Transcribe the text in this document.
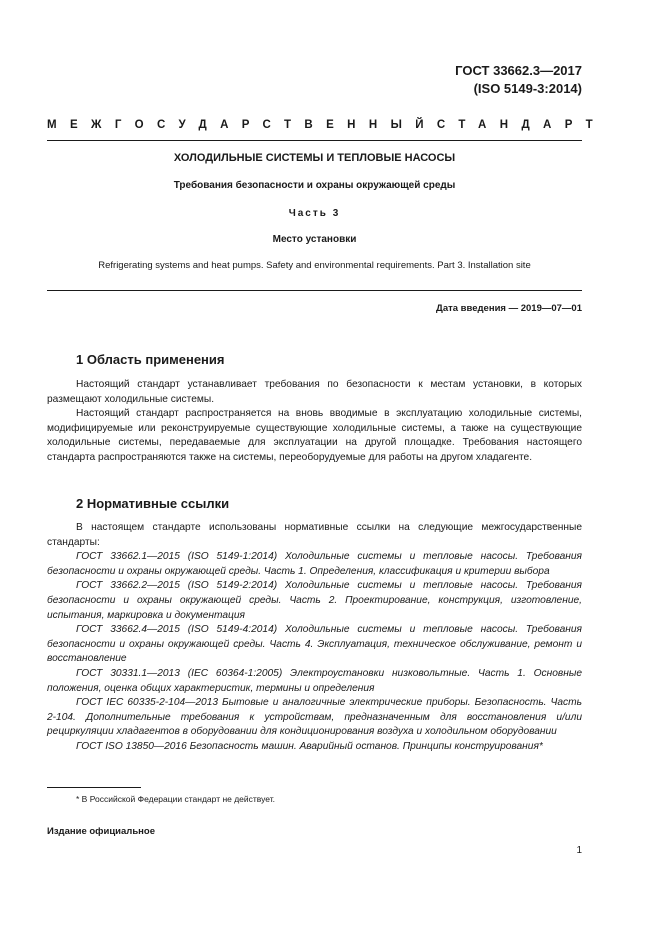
ГОСТ 33662.3—2017
(ISO 5149-3:2014)
МЕЖГОСУДАРСТВЕННЫЙ СТАНДАРТ
ХОЛОДИЛЬНЫЕ СИСТЕМЫ И ТЕПЛОВЫЕ НАСОСЫ
Требования безопасности и охраны окружающей среды
Часть 3
Место установки
Refrigerating systems and heat pumps. Safety and environmental requirements. Part 3. Installation site
Дата введения — 2019—07—01
1 Область применения

Настоящий стандарт устанавливает требования по безопасности к местам установки, в которых размещают холодильные системы.

Настоящий стандарт распространяется на вновь вводимые в эксплуатацию холодильные системы, модифицируемые или реконструируемые существующие холодильные системы, а также на существующие холодильные системы, передаваемые для эксплуатации на другой площадке. Требования настоящего стандарта распространяются также на системы, переоборудуемые для работы на другом хладагенте.

2 Нормативные ссылки

В настоящем стандарте использованы нормативные ссылки на следующие межгосударственные стандарты:

ГОСТ 33662.1—2015 (ISO 5149-1:2014) Холодильные системы и тепловые насосы. Требования безопасности и охраны окружающей среды. Часть 1. Определения, классификация и критерии выбора

ГОСТ 33662.2—2015 (ISO 5149-2:2014) Холодильные системы и тепловые насосы. Требования безопасности и охраны окружающей среды. Часть 2. Проектирование, конструкция, изготовление, испытания, маркировка и документация

ГОСТ 33662.4—2015 (ISO 5149-4:2014) Холодильные системы и тепловые насосы. Требования безопасности и охраны окружающей среды. Часть 4. Эксплуатация, техническое обслуживание, ремонт и восстановление

ГОСТ 30331.1—2013 (IEC 60364-1:2005) Электроустановки низковольтные. Часть 1. Основные положения, оценка общих характеристик, термины и определения

ГОСТ IEC 60335-2-104—2013 Бытовые и аналогичные электрические приборы. Безопасность. Часть 2-104. Дополнительные требования к устройствам, предназначенным для восстановления и/или рециркуляции хладагентов в оборудовании для кондиционирования воздуха и холодильном оборудовании

ГОСТ ISO 13850—2016 Безопасность машин. Аварийный останов. Принципы конструирования*

* В Российской Федерации стандарт не действует.
Издание официальное
1
